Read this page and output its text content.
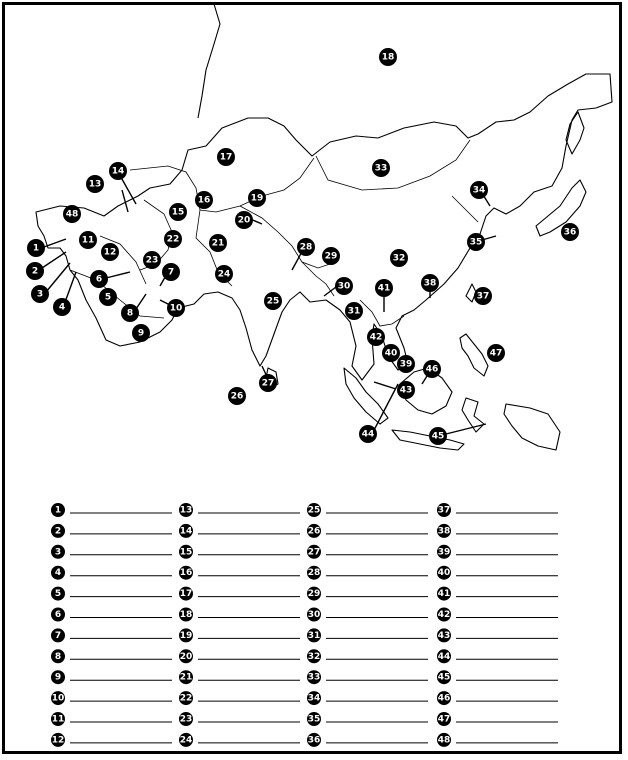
1
2
3
4
5
6
7
8
9
10
11
12
13
14
15
16
17
18
19
20
21
22
23
24
25
26
27
28
29
30
31
32
33
34
35
36
37
38
39
40
41
42
43
44	45
46
47
48
1
2
3
4
5
6
7
8
9
10
11
12
13
14
15
16
17
18
19
20
21
22
23
24
25
26
27
28
29
30
31
32
33
34
35
36
37
38
39
40
41
42
43
44
45
46
47
48
